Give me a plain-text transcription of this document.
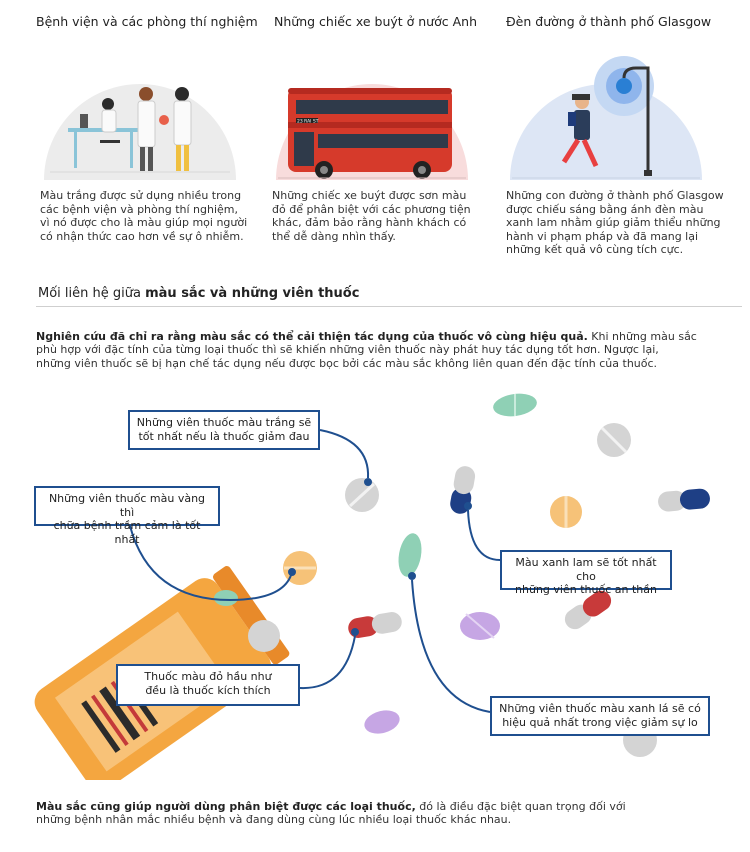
Bệnh viện và các phòng thí nghiệm Những chiếc xe buýt ở nước Anh Đèn đường ở thành phố Glasgow
23 RAI ST
Màu trắng được sử dụng nhiều trong
các bệnh viện và phòng thí nghiệm,
vì nó được cho là màu giúp mọi người
có nhận thức cao hơn về sự ô nhiễm.
Những chiếc xe buýt được sơn màu
đỏ để phân biệt với các phương tiện
khác, đảm bảo rằng hành khách có
thể dễ dàng nhìn thấy.
Những con đường ở thành phố Glasgow
được chiếu sáng bằng ánh đèn màu
xanh lam nhằm giúp giảm thiểu những
hành vi phạm pháp và đã mang lại
những kết quả vô cùng tích cực.
Mối liên hệ giữa màu sắc và những viên thuốc
Nghiên cứu đã chỉ ra rằng màu sắc có thể cải thiện tác dụng của thuốc vô cùng hiệu quả. Khi những màu sắc
phù hợp với đặc tính của từng loại thuốc thì sẽ khiến những viên thuốc này phát huy tác dụng tốt hơn. Ngược lại,
những viên thuốc sẽ bị hạn chế tác dụng nếu được bọc bởi các màu sắc không liên quan đến đặc tính của thuốc.
Những viên thuốc màu trắng sẽ
tốt nhất nếu là thuốc giảm đau
Những viên thuốc màu vàng thì
chữa bệnh trầm cảm là tốt nhất
Màu xanh lam sẽ tốt nhất cho
những viên thuốc an thần
Thuốc màu đỏ hầu như
đều là thuốc kích thích
Những viên thuốc màu xanh lá sẽ có
hiệu quả nhất trong việc giảm sự lo
Màu sắc cũng giúp người dùng phân biệt được các loại thuốc, đó là điều đặc biệt quan trọng đối với
những bệnh nhân mắc nhiều bệnh và đang dùng cùng lúc nhiều loại thuốc khác nhau.
